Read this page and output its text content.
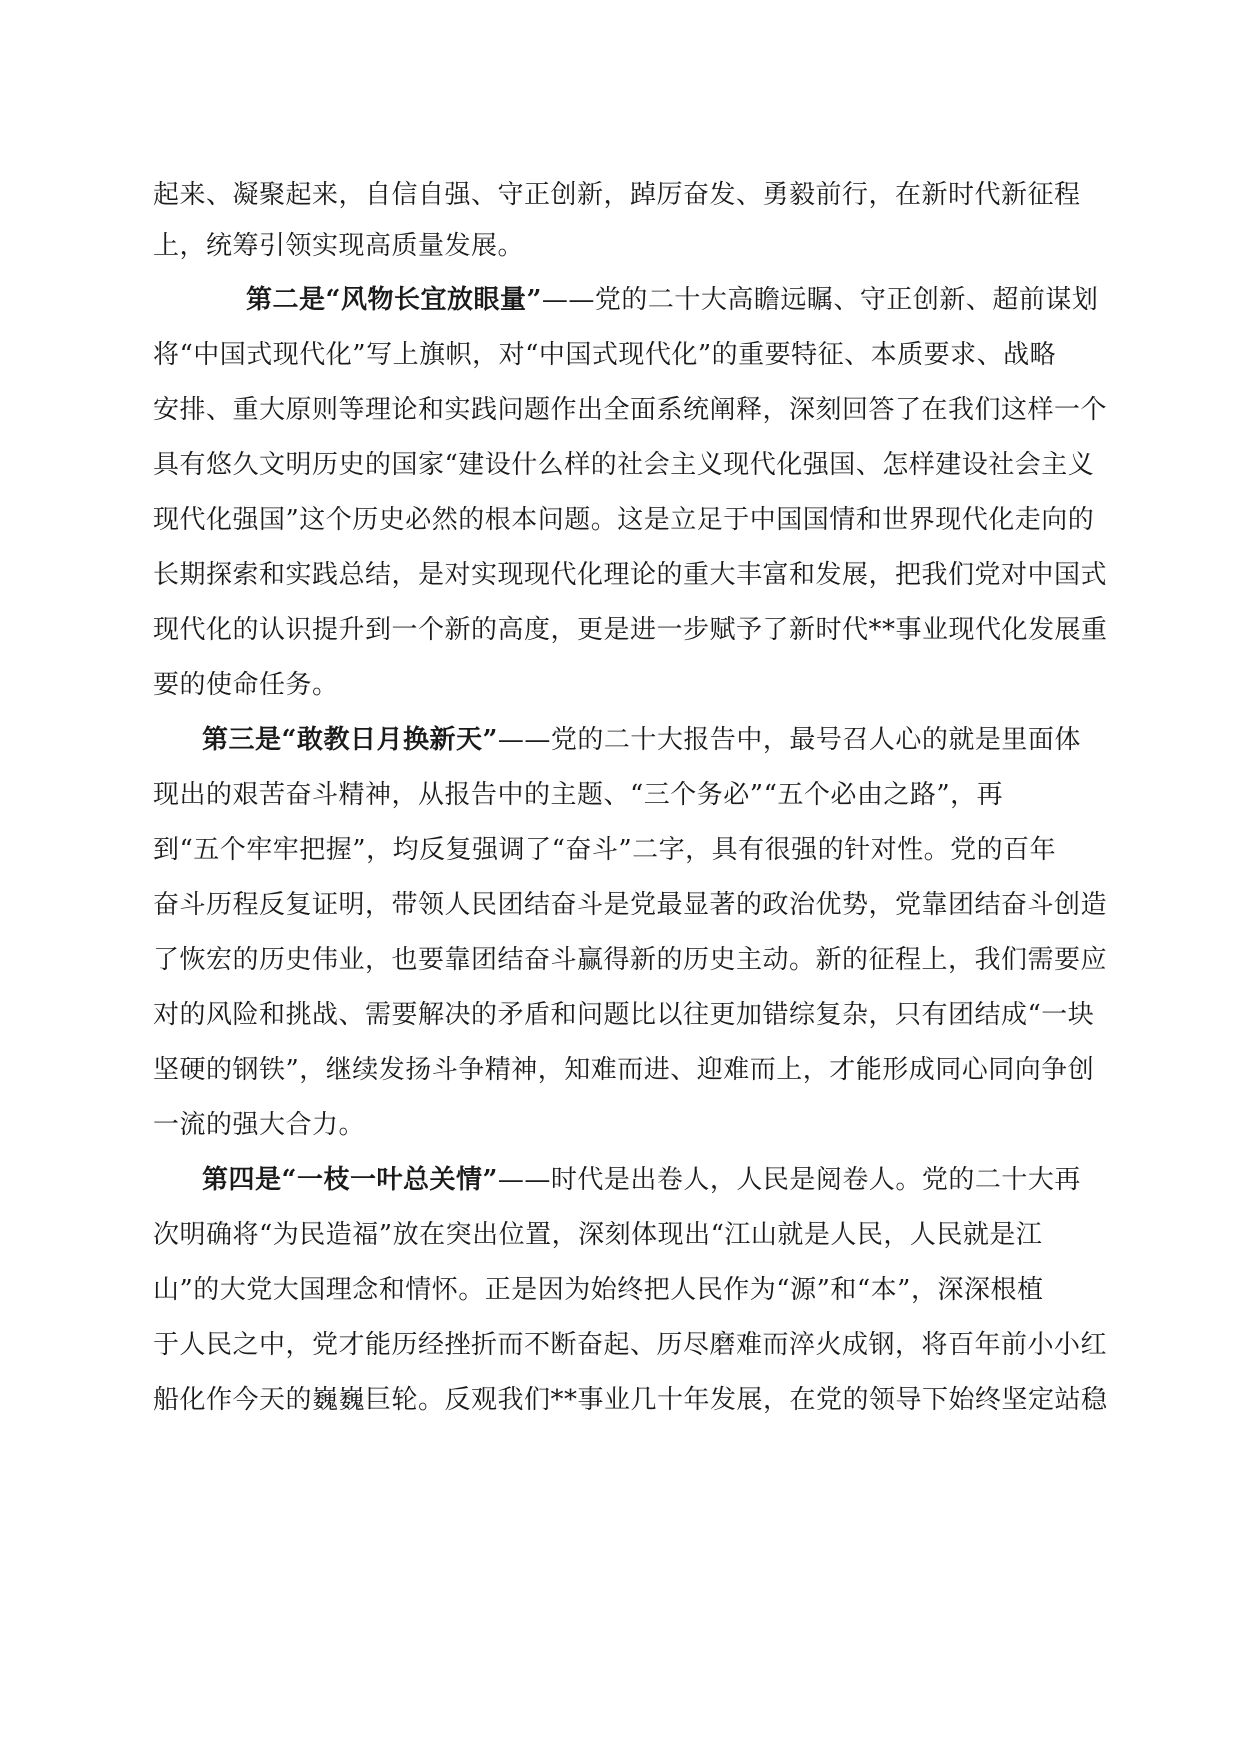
起来、凝聚起来，自信自强、守正创新，踔厉奋发、勇毅前行，在新时代新征程
上，统筹引领实现高质量发展。
第二是“风物长宜放眼量”——党的二十大高瞻远瞩、守正创新、超前谋划
将“中国式现代化”写上旗帜，对“中国式现代化”的重要特征、本质要求、战略
安排、重大原则等理论和实践问题作出全面系统阐释，深刻回答了在我们这样一个
具有悠久文明历史的国家“建设什么样的社会主义现代化强国、怎样建设社会主义
现代化强国”这个历史必然的根本问题。这是立足于中国国情和世界现代化走向的
长期探索和实践总结，是对实现现代化理论的重大丰富和发展，把我们党对中国式
现代化的认识提升到一个新的高度，更是进一步赋予了新时代**事业现代化发展重
要的使命任务。
第三是“敢教日月换新天”——党的二十大报告中，最号召人心的就是里面体
现出的艰苦奋斗精神，从报告中的主题、“三个务必”“五个必由之路”，再
到“五个牢牢把握”，均反复强调了“奋斗”二字，具有很强的针对性。党的百年
奋斗历程反复证明，带领人民团结奋斗是党最显著的政治优势，党靠团结奋斗创造
了恢宏的历史伟业，也要靠团结奋斗赢得新的历史主动。新的征程上，我们需要应
对的风险和挑战、需要解决的矛盾和问题比以往更加错综复杂，只有团结成“一块
坚硬的钢铁”，继续发扬斗争精神，知难而进、迎难而上，才能形成同心同向争创
一流的强大合力。
第四是“一枝一叶总关情”——时代是出卷人，人民是阅卷人。党的二十大再
次明确将“为民造福”放在突出位置，深刻体现出“江山就是人民，人民就是江
山”的大党大国理念和情怀。正是因为始终把人民作为“源”和“本”，深深根植
于人民之中，党才能历经挫折而不断奋起、历尽磨难而淬火成钢，将百年前小小红
船化作今天的巍巍巨轮。反观我们**事业几十年发展，在党的领导下始终坚定站稳
